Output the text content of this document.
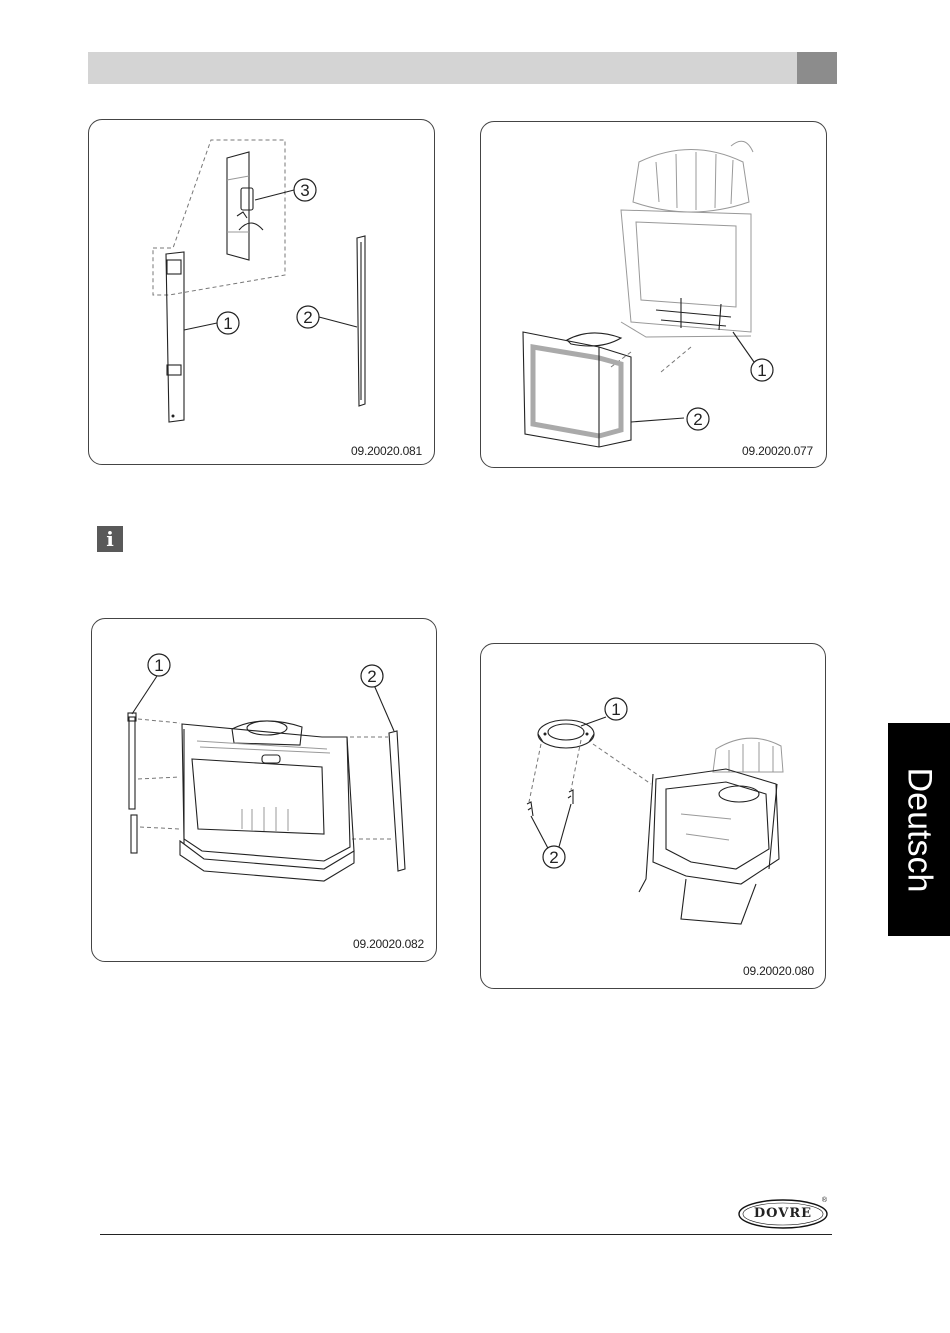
3
1	2
09.20020.081
1
2
09.20020.077
i
1
2
09.20020.082
1
2
09.20020.080
Deutsch
DOVRE
®
